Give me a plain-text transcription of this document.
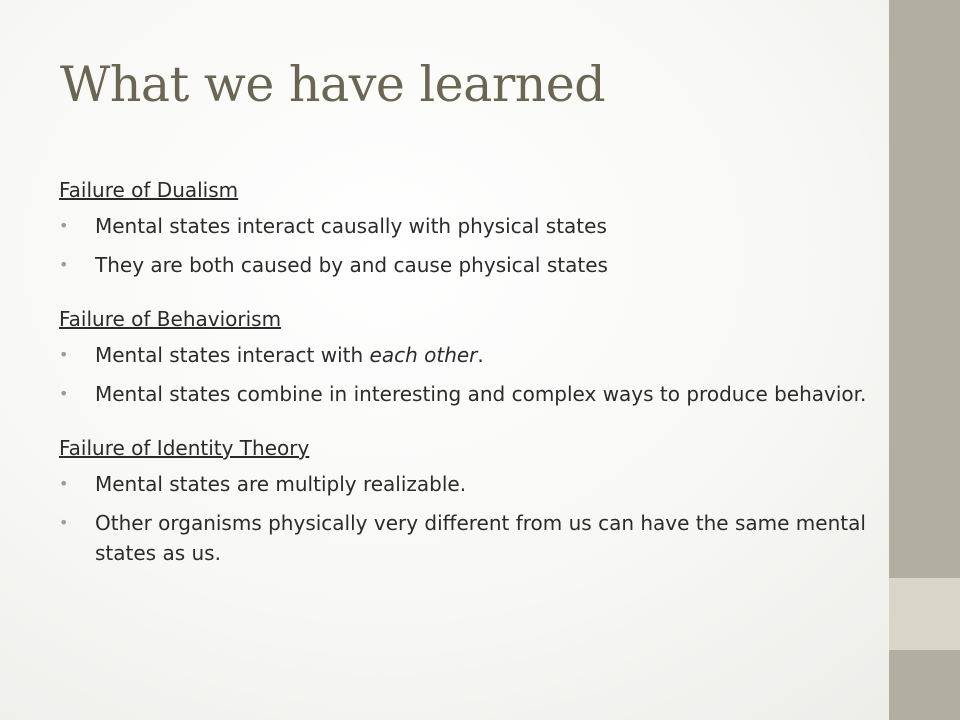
What we have learned
Failure of Dualism
• Mental states interact causally with physical states
• They are both caused by and cause physical states
Failure of Behaviorism
• Mental states interact with each other.
• Mental states combine in interesting and complex ways to produce behavior.
Failure of Identity Theory
• Mental states are multiply realizable.
• Other organisms physically very different from us can have the same mental states as us.
